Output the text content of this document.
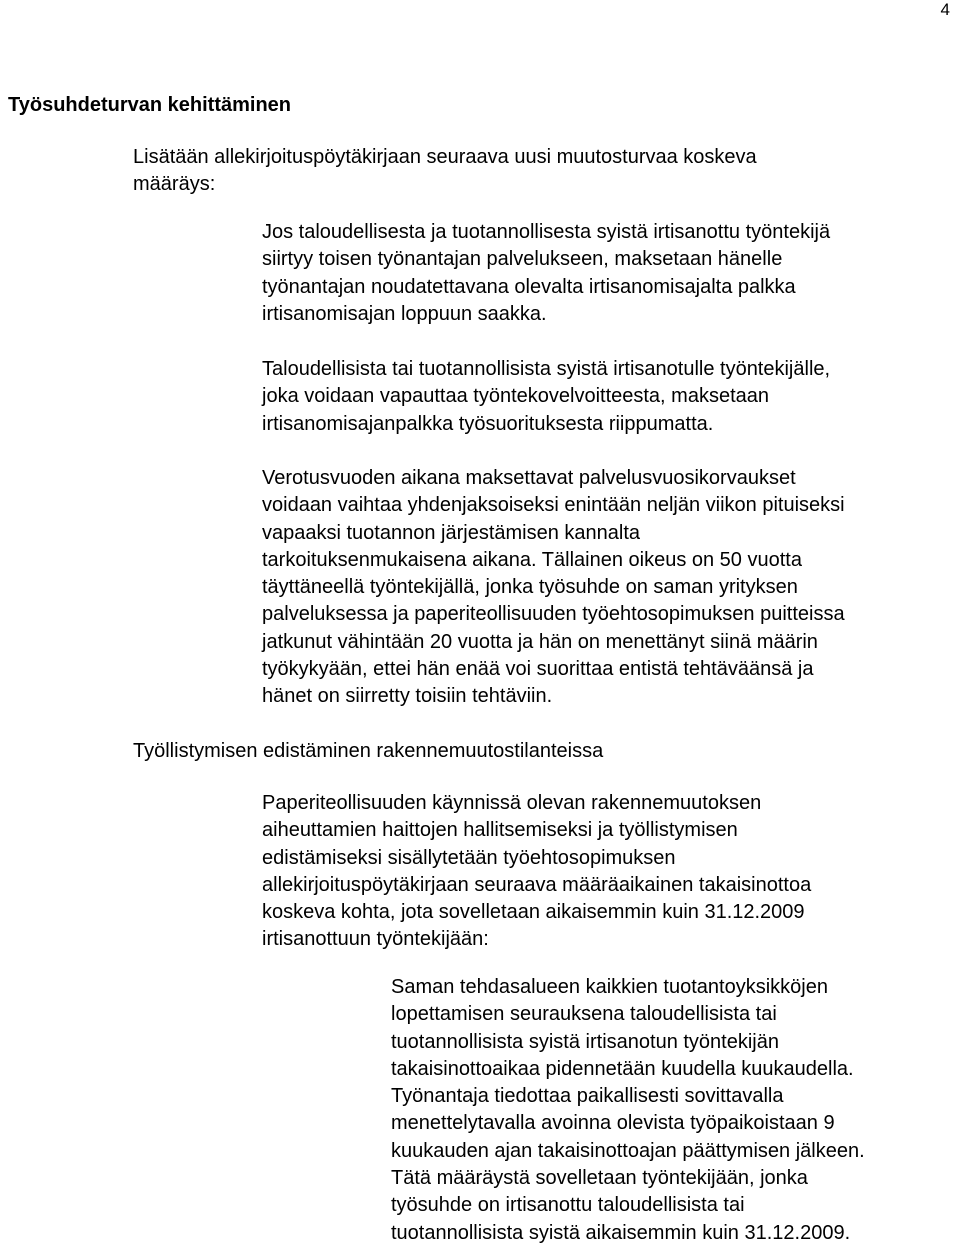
4
Työsuhdeturvan kehittäminen

Lisätään allekirjoituspöytäkirjaan seuraava uusi muutosturvaa koskeva
määräys:

Jos taloudellisesta ja tuotannollisesta syistä irtisanottu työntekijä
siirtyy toisen työnantajan palvelukseen, maksetaan hänelle
työnantajan noudatettavana olevalta irtisanomisajalta palkka
irtisanomisajan loppuun saakka.

Taloudellisista tai tuotannollisista syistä irtisanotulle työntekijälle,
joka voidaan vapauttaa työntekovelvoitteesta, maksetaan
irtisanomisajanpalkka työsuorituksesta riippumatta.

Verotusvuoden aikana maksettavat palvelusvuosikorvaukset
voidaan vaihtaa yhdenjaksoiseksi enintään neljän viikon pituiseksi
vapaaksi tuotannon järjestämisen kannalta
tarkoituksenmukaisena aikana. Tällainen oikeus on 50 vuotta
täyttäneellä työntekijällä, jonka työsuhde on saman yrityksen
palveluksessa ja paperiteollisuuden työehtosopimuksen puitteissa
jatkunut vähintään 20 vuotta ja hän on menettänyt siinä määrin
työkykyään, ettei hän enää voi suorittaa entistä tehtäväänsä ja
hänet on siirretty toisiin tehtäviin.

Työllistymisen edistäminen rakennemuutostilanteissa

Paperiteollisuuden käynnissä olevan rakennemuutoksen
aiheuttamien haittojen hallitsemiseksi ja työllistymisen
edistämiseksi sisällytetään työehtosopimuksen
allekirjoituspöytäkirjaan seuraava määräaikainen takaisinottoa
koskeva kohta, jota sovelletaan aikaisemmin kuin 31.12.2009
irtisanottuun työntekijään:

Saman tehdasalueen kaikkien tuotantoyksikköjen
lopettamisen seurauksena taloudellisista tai
tuotannollisista syistä irtisanotun työntekijän
takaisinottoaikaa pidennetään kuudella kuukaudella.
Työnantaja tiedottaa paikallisesti sovittavalla
menettelytavalla avoinna olevista työpaikoistaan 9
kuukauden ajan takaisinottoajan päättymisen jälkeen.
Tätä määräystä sovelletaan työntekijään, jonka
työsuhde on irtisanottu taloudellisista tai
tuotannollisista syistä aikaisemmin kuin 31.12.2009.
